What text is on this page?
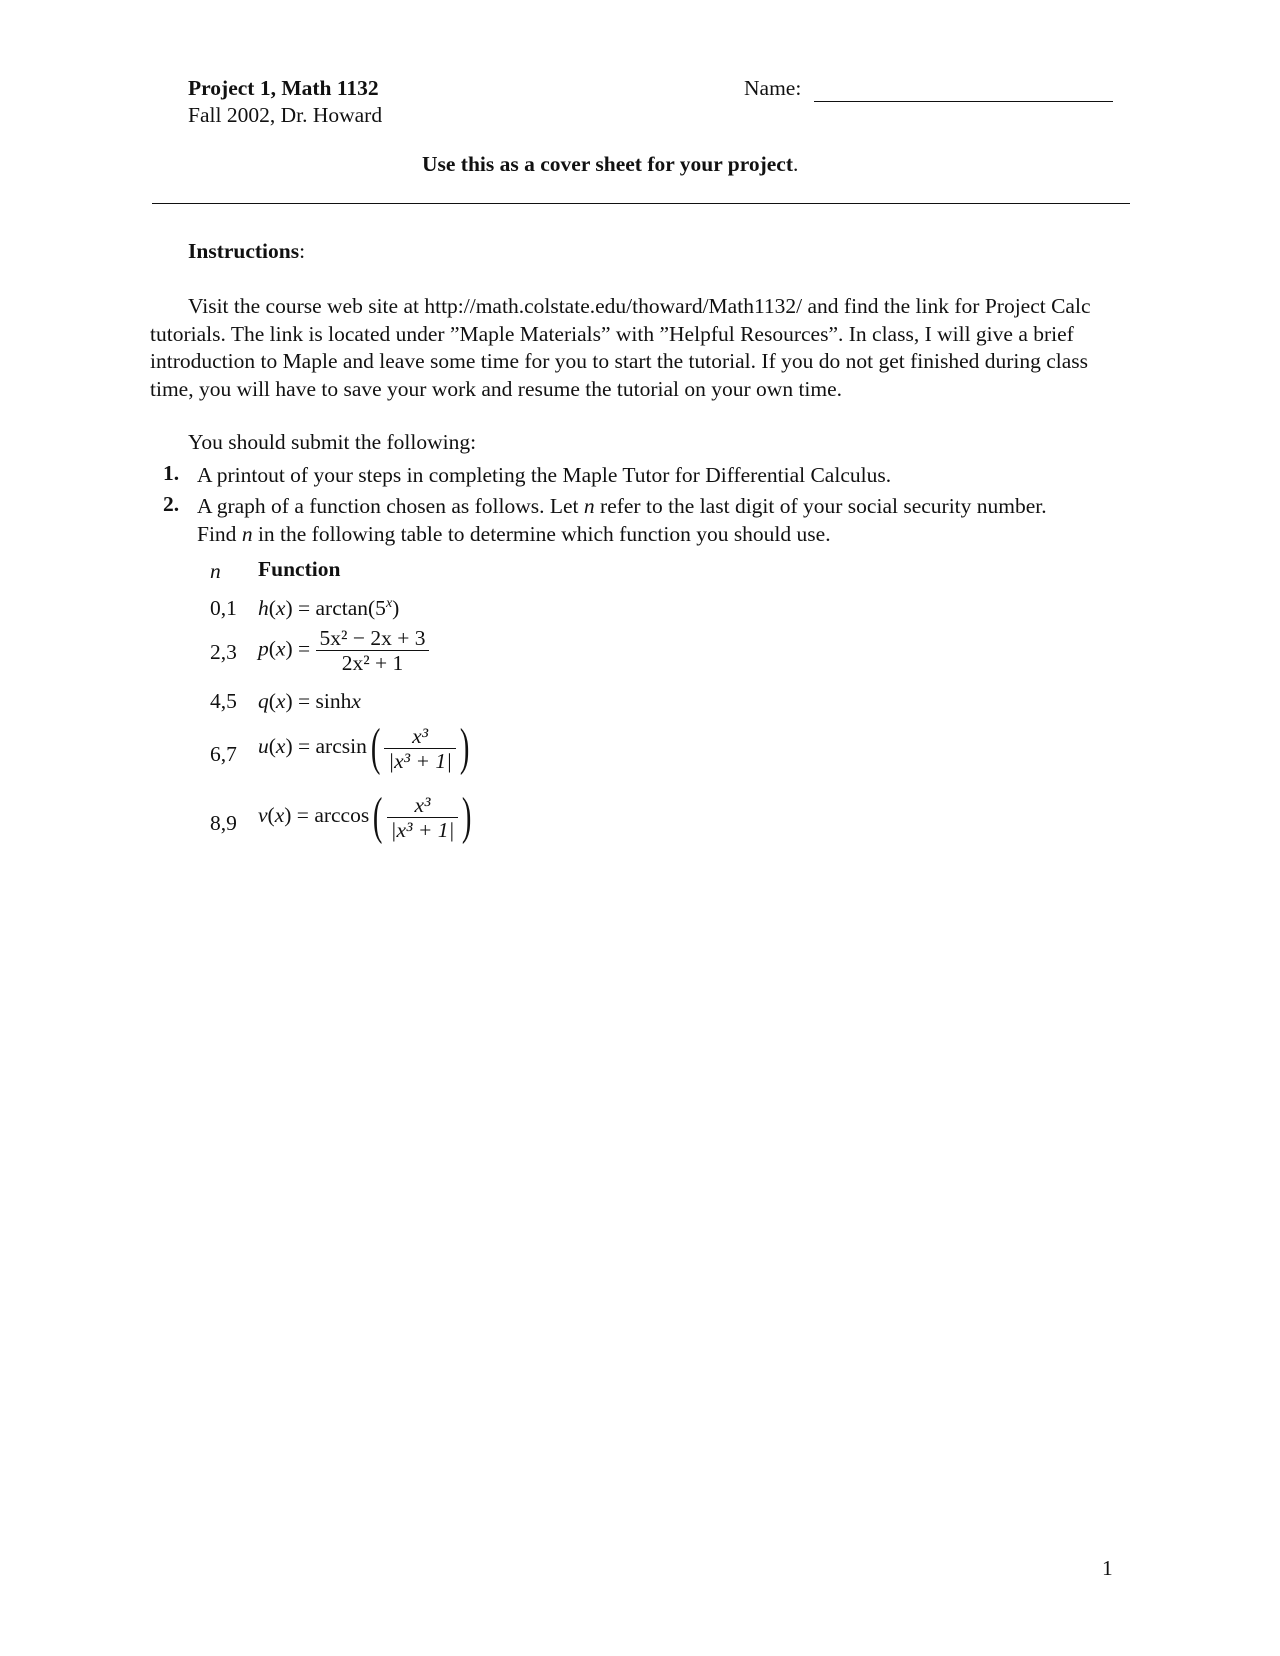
Project 1, Math 1132
Fall 2002, Dr. Howard
Name:
Use this as a cover sheet for your project.
Instructions:
Visit the course web site at http://math.colstate.edu/thoward/Math1132/ and find the link for Project Calc tutorials. The link is located under ”Maple Materials” with ”Helpful Resources”. In class, I will give a brief introduction to Maple and leave some time for you to start the tutorial. If you do not get finished during class time, you will have to save your work and resume the tutorial on your own time.
You should submit the following:
1. A printout of your steps in completing the Maple Tutor for Differential Calculus.
2. A graph of a function chosen as follows. Let n refer to the last digit of your social security number. Find n in the following table to determine which function you should use.
n Function
0,1 $h(x) = \arctan(5^x)$
2,3 $p(x) = \frac{\text{5x² − 2x + 3}}{\text{2x² + 1}}$
4,5 q(x) = sinhx
6,7 $u(x) = \arcsin( \frac{\text{x³}}{\text{|x³ + 1|}}$ )
8,9 $v(x) = \arccos( \frac{\text{x³}}{\text{|x³ + 1|}}$ )
1
